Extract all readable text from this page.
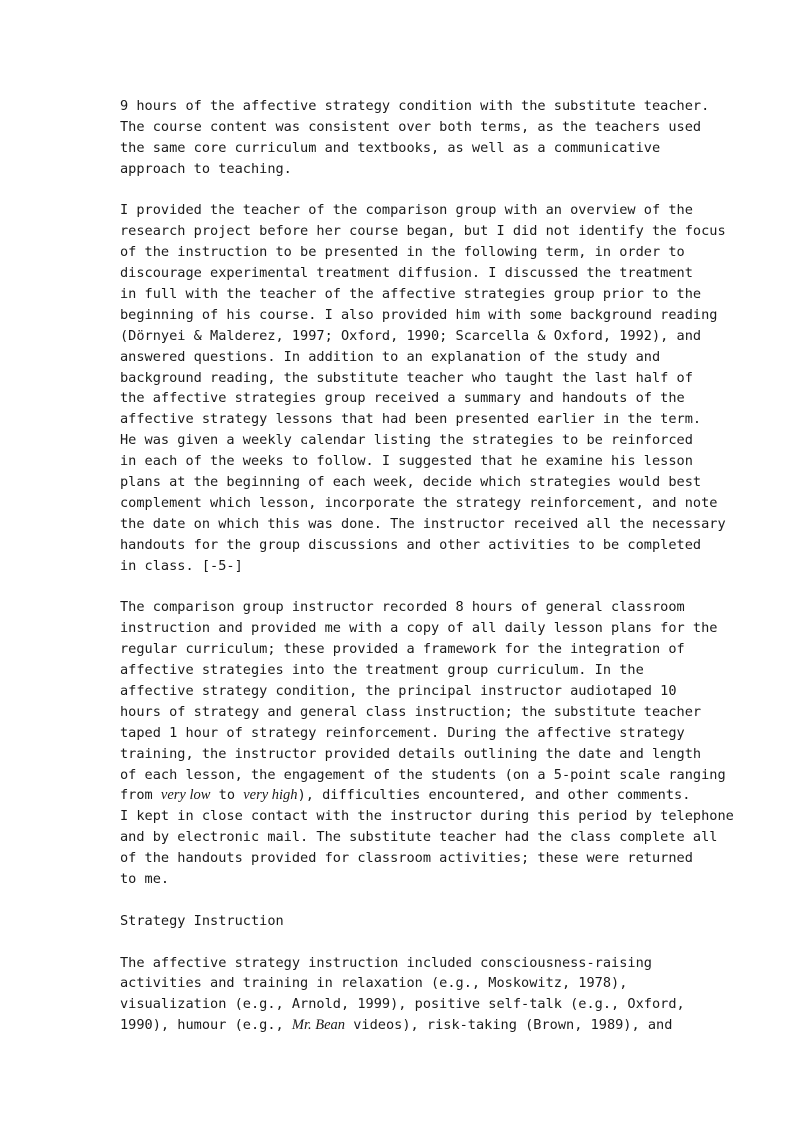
9 hours of the affective strategy condition with the substitute teacher.
The course content was consistent over both terms, as the teachers used
the same core curriculum and textbooks, as well as a communicative
approach to teaching.
I provided the teacher of the comparison group with an overview of the
research project before her course began, but I did not identify the focus
of the instruction to be presented in the following term, in order to
discourage experimental treatment diffusion. I discussed the treatment
in full with the teacher of the affective strategies group prior to the
beginning of his course. I also provided him with some background reading
(Dörnyei & Malderez, 1997; Oxford, 1990; Scarcella & Oxford, 1992), and
answered questions. In addition to an explanation of the study and
background reading, the substitute teacher who taught the last half of
the affective strategies group received a summary and handouts of the
affective strategy lessons that had been presented earlier in the term.
He was given a weekly calendar listing the strategies to be reinforced
in each of the weeks to follow. I suggested that he examine his lesson
plans at the beginning of each week, decide which strategies would best
complement which lesson, incorporate the strategy reinforcement, and note
the date on which this was done. The instructor received all the necessary
handouts for the group discussions and other activities to be completed
in class. [-5-]
The comparison group instructor recorded 8 hours of general classroom
instruction and provided me with a copy of all daily lesson plans for the
regular curriculum; these provided a framework for the integration of
affective strategies into the treatment group curriculum. In the
affective strategy condition, the principal instructor audiotaped 10
hours of strategy and general class instruction; the substitute teacher
taped 1 hour of strategy reinforcement. During the affective strategy
training, the instructor provided details outlining the date and length
of each lesson, the engagement of the students (on a 5-point scale ranging
from very low to very high), difficulties encountered, and other comments.
I kept in close contact with the instructor during this period by telephone
and by electronic mail. The substitute teacher had the class complete all
of the handouts provided for classroom activities; these were returned
to me.
Strategy Instruction
The affective strategy instruction included consciousness-raising
activities and training in relaxation (e.g., Moskowitz, 1978),
visualization (e.g., Arnold, 1999), positive self-talk (e.g., Oxford,
1990), humour (e.g., Mr. Bean videos), risk-taking (Brown, 1989), and
